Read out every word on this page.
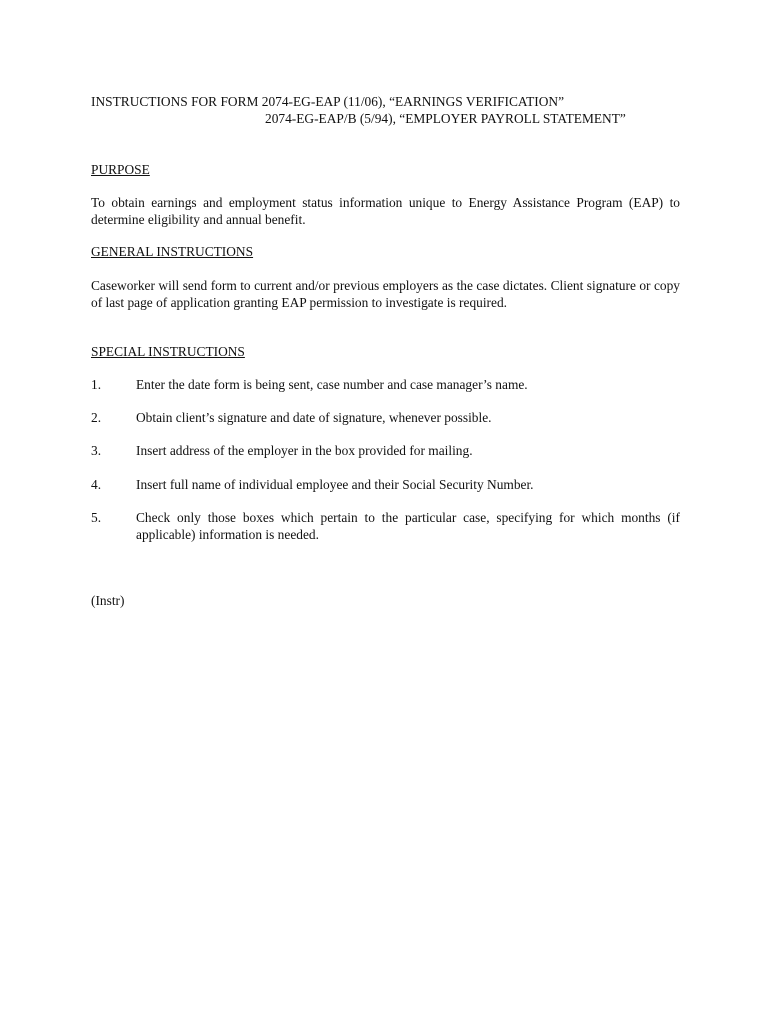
INSTRUCTIONS FOR FORM 2074-EG-EAP (11/06), “EARNINGS VERIFICATION”
2074-EG-EAP/B (5/94), “EMPLOYER PAYROLL STATEMENT”
PURPOSE
To obtain earnings and employment status information unique to Energy Assistance Program (EAP) to determine eligibility and annual benefit.
GENERAL INSTRUCTIONS
Caseworker will send form to current and/or previous employers as the case dictates. Client signature or copy of last page of application granting EAP permission to investigate is required.
SPECIAL INSTRUCTIONS
1.	Enter the date form is being sent, case number and case manager’s name.
2.	Obtain client’s signature and date of signature, whenever possible.
3.	Insert address of the employer in the box provided for mailing.
4.	Insert full name of individual employee and their Social Security Number.
5.	Check only those boxes which pertain to the particular case, specifying for which months (if applicable) information is needed.
(Instr)
